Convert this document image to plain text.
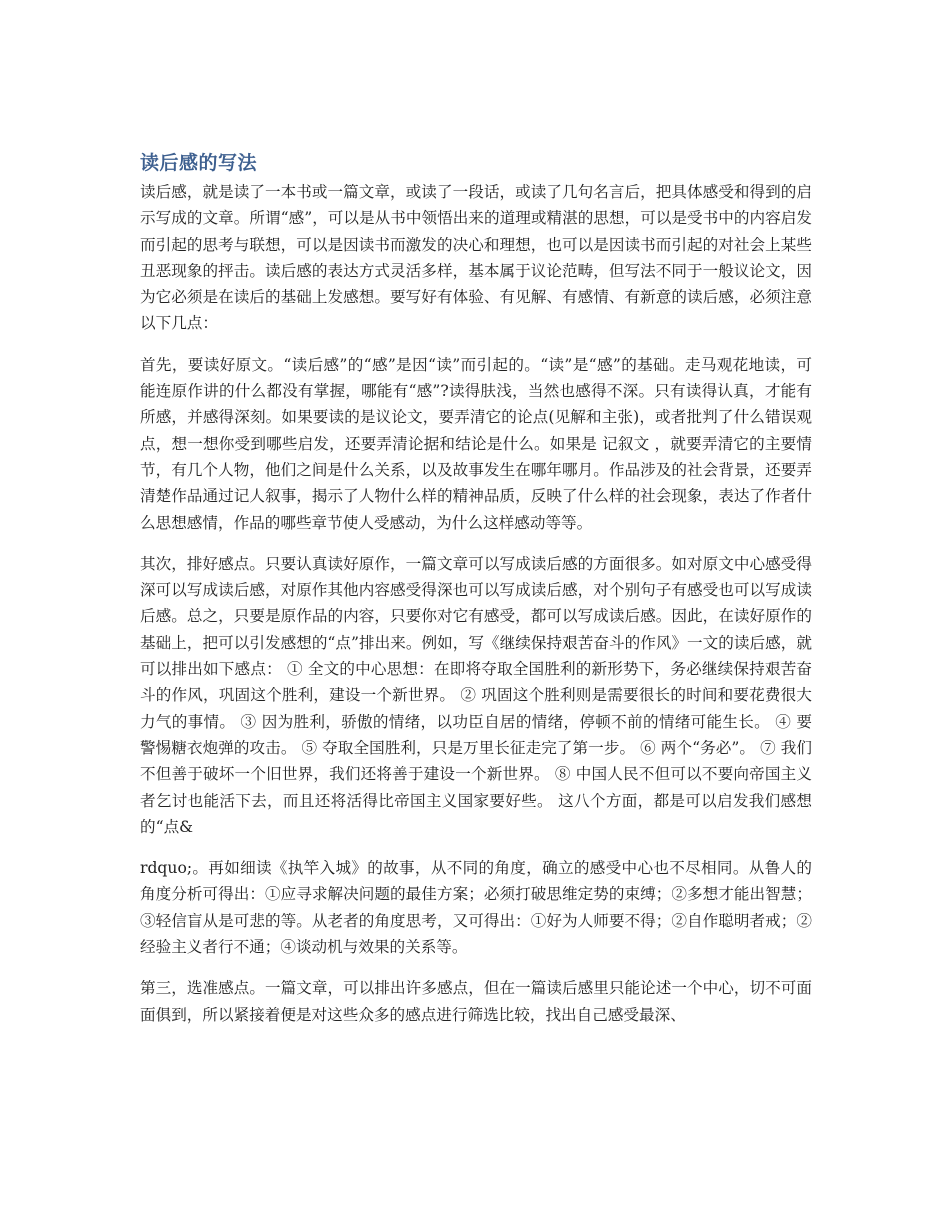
读后感的写法

读后感，就是读了一本书或一篇文章，或读了一段话，或读了几句名言后，把具体感受和得到的启示写成的文章。所谓“感”，可以是从书中领悟出来的道理或精湛的思想，可以是受书中的内容启发而引起的思考与联想，可以是因读书而激发的决心和理想，也可以是因读书而引起的对社会上某些丑恶现象的抨击。读后感的表达方式灵活多样，基本属于议论范畴，但写法不同于一般议论文，因为它必须是在读后的基础上发感想。要写好有体验、有见解、有感情、有新意的读后感，必须注意以下几点：

首先，要读好原文。“读后感”的“感”是因“读”而引起的。“读”是“感”的基础。走马观花地读，可能连原作讲的什么都没有掌握，哪能有“感”?读得肤浅，当然也感得不深。只有读得认真，才能有所感，并感得深刻。如果要读的是议论文，要弄清它的论点(见解和主张)，或者批判了什么错误观点，想一想你受到哪些启发，还要弄清论据和结论是什么。如果是 记叙文 ，就要弄清它的主要情节，有几个人物，他们之间是什么关系，以及故事发生在哪年哪月。作品涉及的社会背景，还要弄清楚作品通过记人叙事，揭示了人物什么样的精神品质，反映了什么样的社会现象，表达了作者什么思想感情，作品的哪些章节使人受感动，为什么这样感动等等。

其次，排好感点。只要认真读好原作，一篇文章可以写成读后感的方面很多。如对原文中心感受得深可以写成读后感，对原作其他内容感受得深也可以写成读后感，对个别句子有感受也可以写成读后感。总之，只要是原作品的内容，只要你对它有感受，都可以写成读后感。因此，在读好原作的基础上，把可以引发感想的“点”排出来。例如，写《继续保持艰苦奋斗的作风》一文的读后感，就可以排出如下感点： ① 全文的中心思想：在即将夺取全国胜利的新形势下，务必继续保持艰苦奋斗的作风，巩固这个胜利，建设一个新世界。 ② 巩固这个胜利则是需要很长的时间和要花费很大力气的事情。 ③ 因为胜利，骄傲的情绪，以功臣自居的情绪，停顿不前的情绪可能生长。 ④ 要警惕糖衣炮弹的攻击。 ⑤ 夺取全国胜利，只是万里长征走完了第一步。 ⑥ 两个“务必”。 ⑦ 我们不但善于破坏一个旧世界，我们还将善于建设一个新世界。 ⑧ 中国人民不但可以不要向帝国主义者乞讨也能活下去，而且还将活得比帝国主义国家要好些。 这八个方面，都是可以启发我们感想的“点&

rdquo;。再如细读《执竿入城》的故事，从不同的角度，确立的感受中心也不尽相同。从鲁人的角度分析可得出：①应寻求解决问题的最佳方案；必须打破思维定势的束缚；②多想才能出智慧；③轻信盲从是可悲的等。从老者的角度思考，又可得出：①好为人师要不得；②自作聪明者戒；②经验主义者行不通；④谈动机与效果的关系等。

第三，选准感点。一篇文章，可以排出许多感点，但在一篇读后感里只能论述一个中心，切不可面面俱到，所以紧接着便是对这些众多的感点进行筛选比较，找出自己感受最深、
